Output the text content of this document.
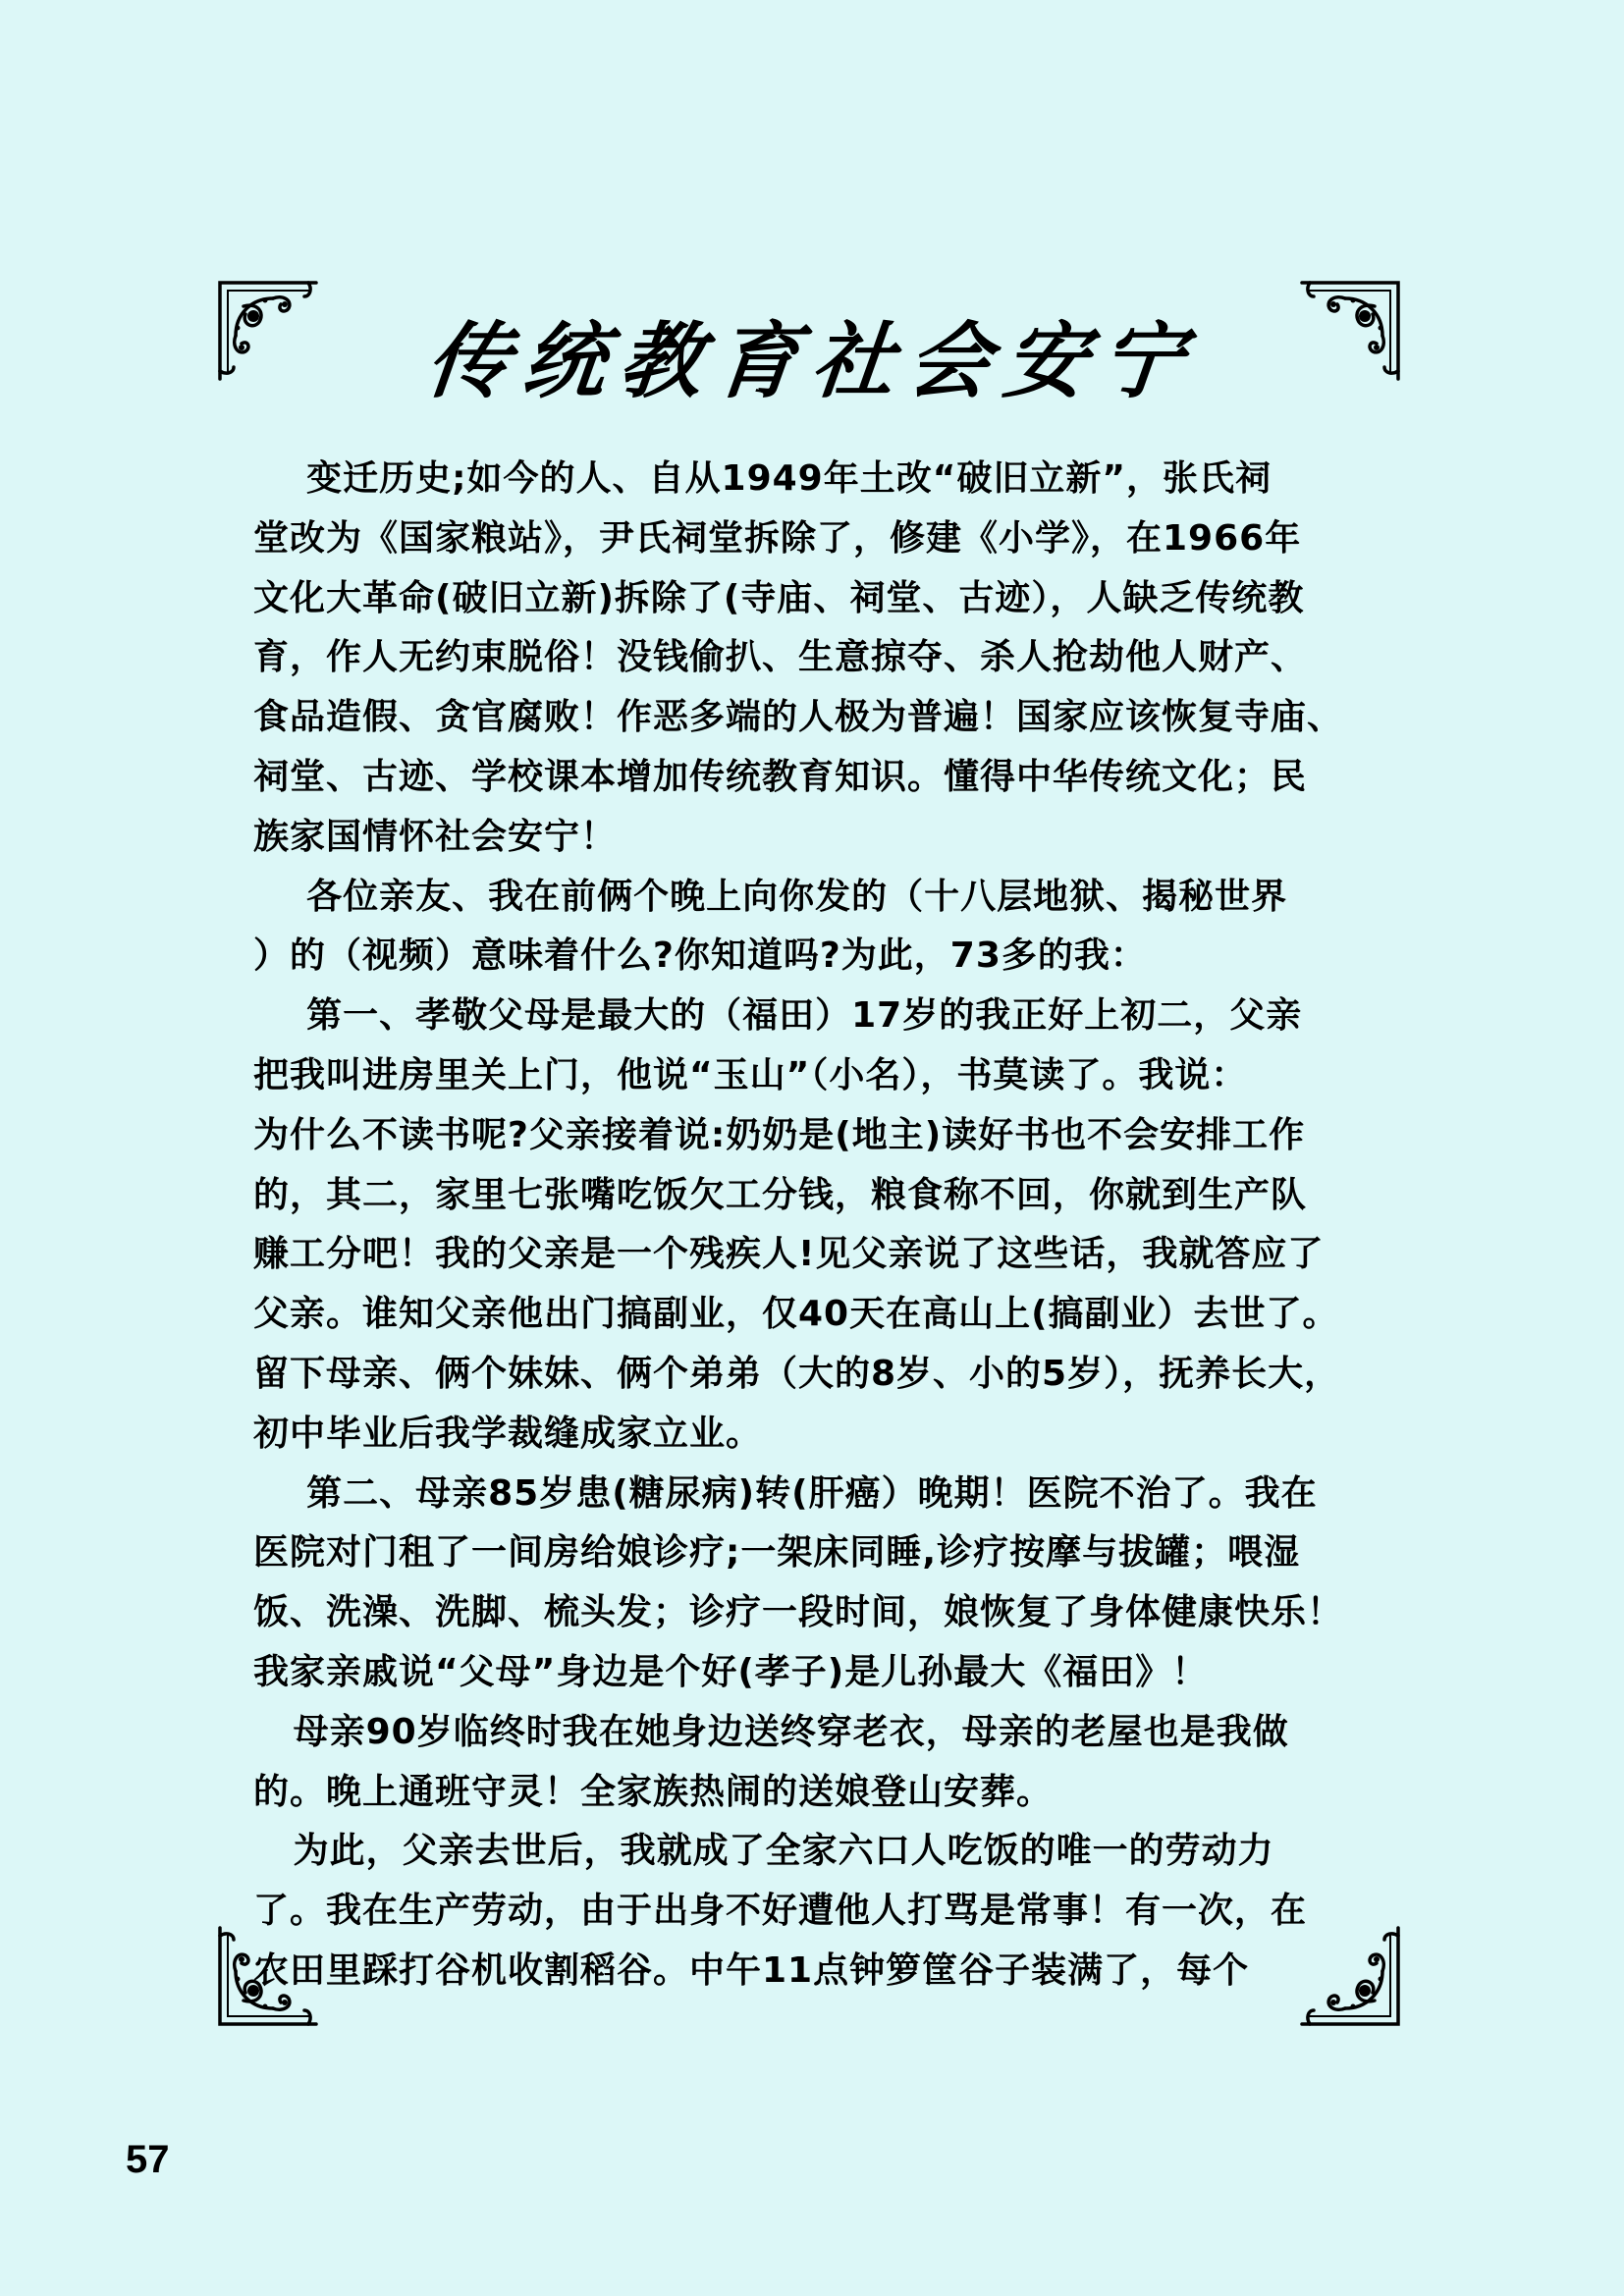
传统教育社会安宁
变迁历史;如今的人、自从1949年土改“破旧立新”，张氏祠
堂改为《国家粮站》，尹氏祠堂拆除了，修建《小学》，在1966年
文化大革命(破旧立新)拆除了(寺庙、祠堂、古迹），人缺乏传统教
育，作人无约束脱俗！没钱偷扒、生意掠夺、杀人抢劫他人财产、
食品造假、贪官腐败！作恶多端的人极为普遍！国家应该恢复寺庙、
祠堂、古迹、学校课本增加传统教育知识。懂得中华传统文化；民
族家国情怀社会安宁！
各位亲友、我在前俩个晚上向你发的（十八层地狱、揭秘世界
）的（视频）意味着什么?你知道吗?为此，73多的我：
第一、孝敬父母是最大的（福田）17岁的我正好上初二，父亲
把我叫进房里关上门，他说“玉山”（小名），书莫读了。我说：
为什么不读书呢?父亲接着说:奶奶是(地主)读好书也不会安排工作
的，其二，家里七张嘴吃饭欠工分钱，粮食称不回，你就到生产队
赚工分吧！我的父亲是一个残疾人!见父亲说了这些话，我就答应了
父亲。谁知父亲他出门搞副业，仅40天在高山上(搞副业）去世了。
留下母亲、俩个妹妹、俩个弟弟（大的8岁、小的5岁），抚养长大，
初中毕业后我学裁缝成家立业。
第二、母亲85岁患(糖尿病)转(肝癌）晚期！医院不治了。我在
医院对门租了一间房给娘诊疗;一架床同睡,诊疗按摩与拔罐；喂湿
饭、洗澡、洗脚、梳头发；诊疗一段时间，娘恢复了身体健康快乐！
我家亲戚说“父母”身边是个好(孝子)是儿孙最大《福田》！
母亲90岁临终时我在她身边送终穿老衣，母亲的老屋也是我做
的。晚上通班守灵！全家族热闹的送娘登山安葬。
为此，父亲去世后，我就成了全家六口人吃饭的唯一的劳动力
了。我在生产劳动，由于出身不好遭他人打骂是常事！有一次，在
农田里踩打谷机收割稻谷。中午11点钟箩筐谷子装满了，每个
57
